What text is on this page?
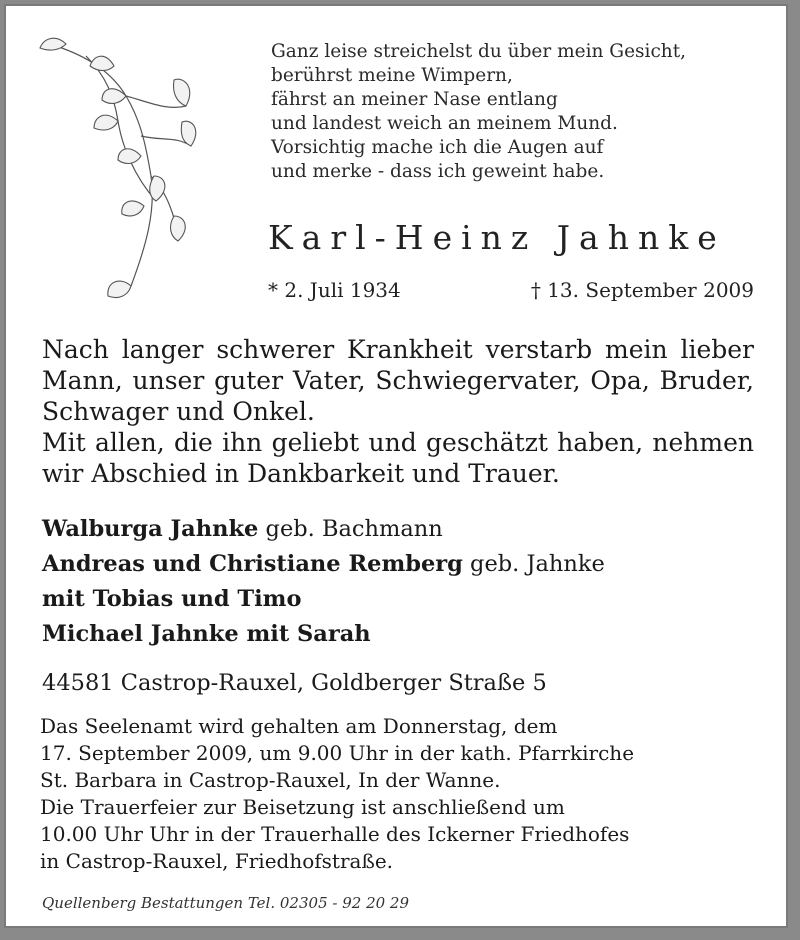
Ganz leise streichelst du über mein Gesicht,
berührst meine Wimpern,
fährst an meiner Nase entlang
und landest weich an meinem Mund.
Vorsichtig mache ich die Augen auf
und merke - dass ich geweint habe.
Karl-Heinz Jahnke
* 2. Juli 1934	† 13. September 2009
Nach langer schwerer Krankheit verstarb mein lieber Mann, unser guter Vater, Schwiegervater, Opa, Bruder, Schwager und Onkel.
Mit allen, die ihn geliebt und geschätzt haben, nehmen wir Abschied in Dankbarkeit und Trauer.
Walburga Jahnke geb. Bachmann
Andreas und Christiane Remberg geb. Jahnke
mit Tobias und Timo
Michael Jahnke mit Sarah
44581 Castrop-Rauxel, Goldberger Straße 5
Das Seelenamt wird gehalten am Donnerstag, dem
17. September 2009, um 9.00 Uhr in der kath. Pfarrkirche
St. Barbara in Castrop-Rauxel, In der Wanne.
Die Trauerfeier zur Beisetzung ist anschließend um
10.00 Uhr Uhr in der Trauerhalle des Ickerner Friedhofes
in Castrop-Rauxel, Friedhofstraße.
Quellenberg Bestattungen Tel. 02305 - 92 20 29
